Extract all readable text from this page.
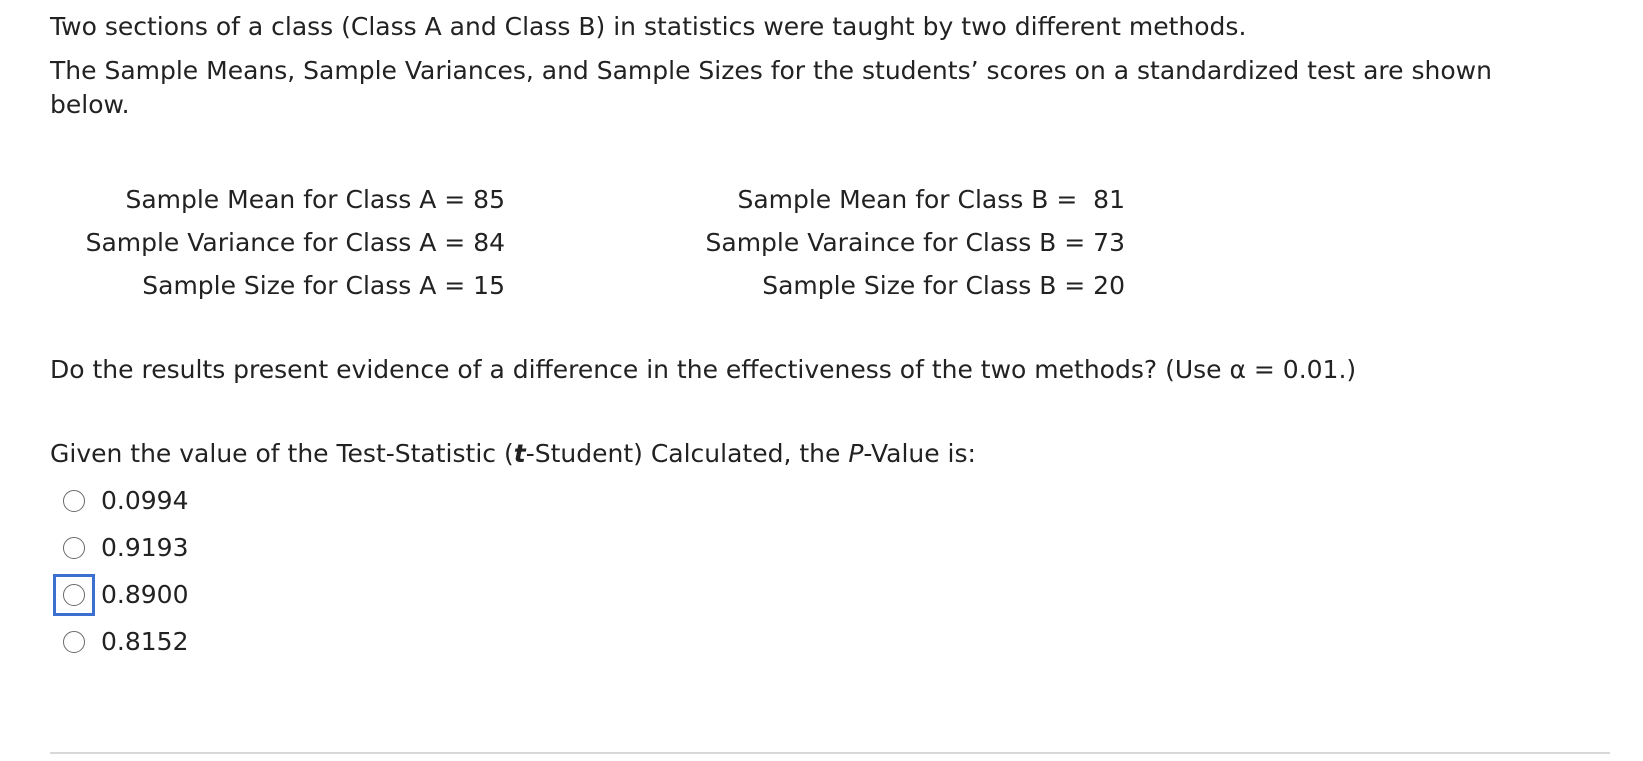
Two sections of a class (Class A and Class B) in statistics were taught by two different methods.

The Sample Means, Sample Variances, and Sample Sizes for the students’ scores on a standardized test are shown below.

Sample Mean for Class A = 85
Sample Variance for Class A = 84
Sample Size for Class A = 15
Sample Mean for Class B =  81
Sample Varaince for Class B = 73
Sample Size for Class B = 20
Do the results present evidence of a difference in the effectiveness of the two methods? (Use α = 0.01.)
Given the value of the Test-Statistic (t-Student) Calculated, the P-Value is:
0.0994
0.9193
0.8900
0.8152
